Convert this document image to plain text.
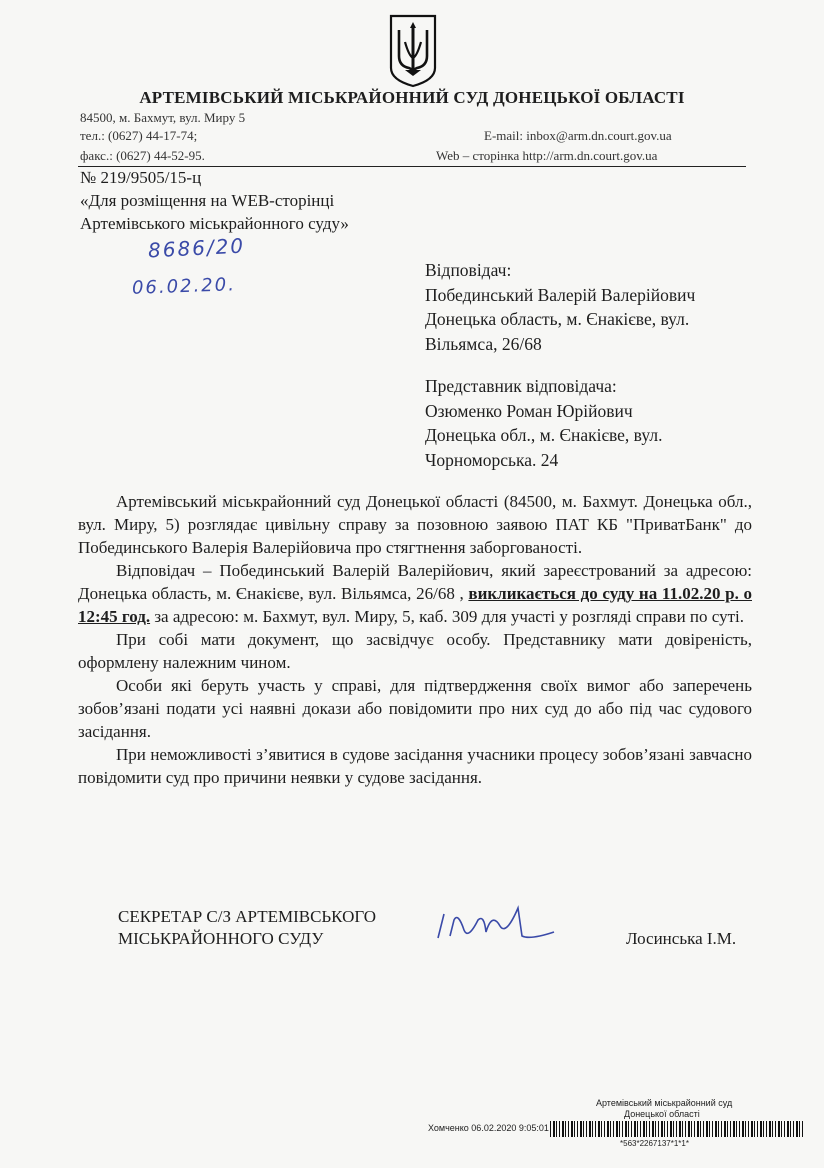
АРТЕМІВСЬКИЙ МІСЬКРАЙОННИЙ СУД ДОНЕЦЬКОЇ ОБЛАСТІ
84500, м. Бахмут, вул. Миру 5
тел.: (0627) 44-17-74;
факс.: (0627) 44-52-95.
E-mail: inbox@arm.dn.court.gov.ua
Web – сторінка http://arm.dn.court.gov.ua
№ 219/9505/15-ц
«Для розміщення на WEB-сторінці
Артемівського міськрайонного суду»
8686/20
06.02.20.
Відповідач:
Побединський Валерій Валерійович
Донецька область, м. Єнакієве, вул.
Вільямса, 26/68
Представник відповідача:
Озюменко Роман Юрійович
Донецька обл., м. Єнакієве, вул.
Чорноморська. 24

Артемівський міськрайонний суд Донецької області (84500, м. Бахмут. Донецька обл., вул. Миру, 5) розглядає цивільну справу за позовною заявою ПАТ КБ "ПриватБанк" до Побединського Валерія Валерійовича про стягтнення заборгованості.

Відповідач – Побединський Валерій Валерійович, який зареєстрований за адресою: Донецька область, м. Єнакієве, вул. Вільямса, 26/68 , викликається до суду на 11.02.20 р. о 12:45 год. за адресою: м. Бахмут, вул. Миру, 5, каб. 309 для участі у розгляді справи по суті.

При собі мати документ, що засвідчує особу. Представнику мати довіреність, оформлену належним чином.

Особи які беруть участь у справі, для підтвердження своїх вимог або заперечень зобов’язані подати усі наявні докази або повідомити про них суд до або під час судового засідання.

При неможливості з’явитися в судове засідання учасники процесу зобов’язані завчасно повідомити суд про причини неявки у судове засідання.

СЕКРЕТАР С/З АРТЕМІВСЬКОГО
МІСЬКРАЙОННОГО СУДУ	Лосинська І.М.
Артемівський міськрайонний суд
Донецької області
Хомченко 06.02.2020 9:05:01
*563*2267137*1*1*
